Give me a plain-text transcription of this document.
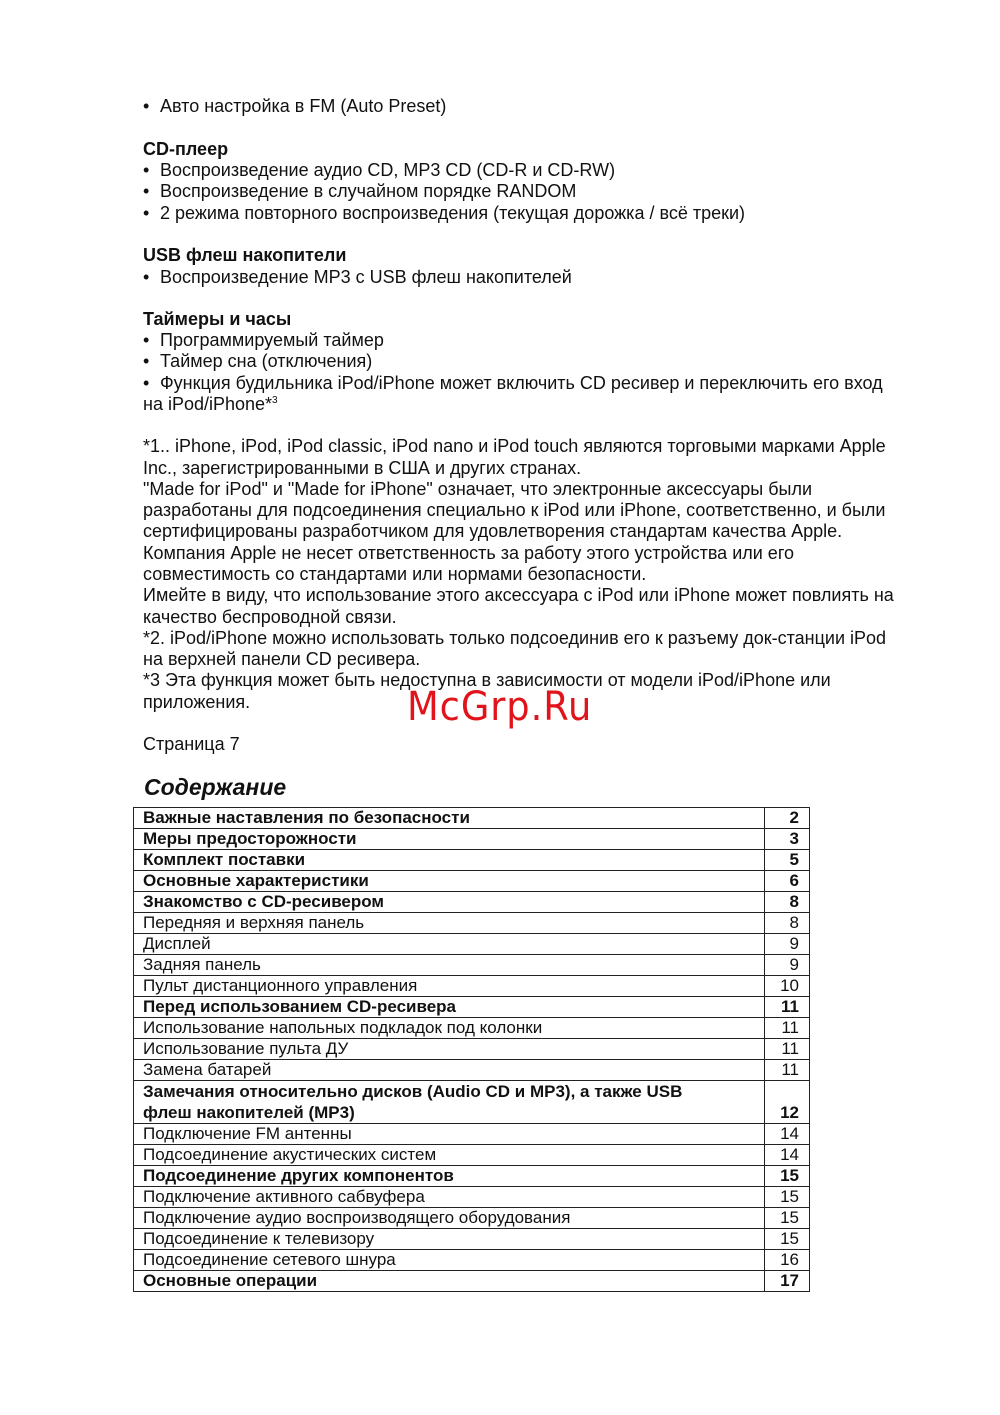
• Авто настройка в FM (Auto Preset)
CD-плеер
• Воспроизведение аудио CD, MP3 CD (CD-R и CD-RW)
• Воспроизведение в случайном порядке RANDOM
• 2 режима повторного воспроизведения (текущая дорожка / всё треки)
USB флеш накопители
• Воспроизведение MP3 с USB флеш накопителей
Таймеры и часы
• Программируемый таймер
• Таймер сна (отключения)
• Функция будильника iPod/iPhone может включить CD ресивер и переключить его вход
на iPod/iPhone*$^3$
*1.. iPhone, iPod, iPod classic, iPod nano и iPod touch являются торговыми марками Apple
Inc., зарегистрированными в США и других странах.
"Made for iPod" и "Made for iPhone" означает, что электронные аксессуары были
разработаны для подсоединения специально к iPod или iPhone, соответственно, и были
сертифицированы разработчиком для удовлетворения стандартам качества Apple.
Компания Apple не несет ответственность за работу этого устройства или его
совместимость со стандартами или нормами безопасности.
Имейте в виду, что использование этого аксессуара с iPod или iPhone может повлиять на
качество беспроводной связи.
*2. iPod/iPhone можно использовать только подсоединив его к разъему док-станции iPod
на верхней панели CD ресивера.
*3 Эта функция может быть недоступна в зависимости от модели iPod/iPhone или
приложения.
Страница 7
McGrp.Ru
Содержание
Важные наставления по безопасности	2
Меры предосторожности	3
Комплект поставки	5
Основные характеристики	6
Знакомство с CD-ресивером	8
Передняя и верхняя панель	8
Дисплей	9
Задняя панель	9
Пульт дистанционного управления	10
Перед использованием CD-ресивера	11
Использование напольных подкладок под колонки	11
Использование пульта ДУ	11
Замена батарей	11
Замечания относительно дисков (Audio CD и MP3), а также USB флеш накопителей (MP3)	12
Подключение FM антенны	14
Подсоединение акустических систем	14
Подсоединение других компонентов	15
Подключение активного сабвуфера	15
Подключение аудио воспроизводящего оборудования	15
Подсоединение к телевизору	15
Подсоединение сетевого шнура	16
Основные операции	17
